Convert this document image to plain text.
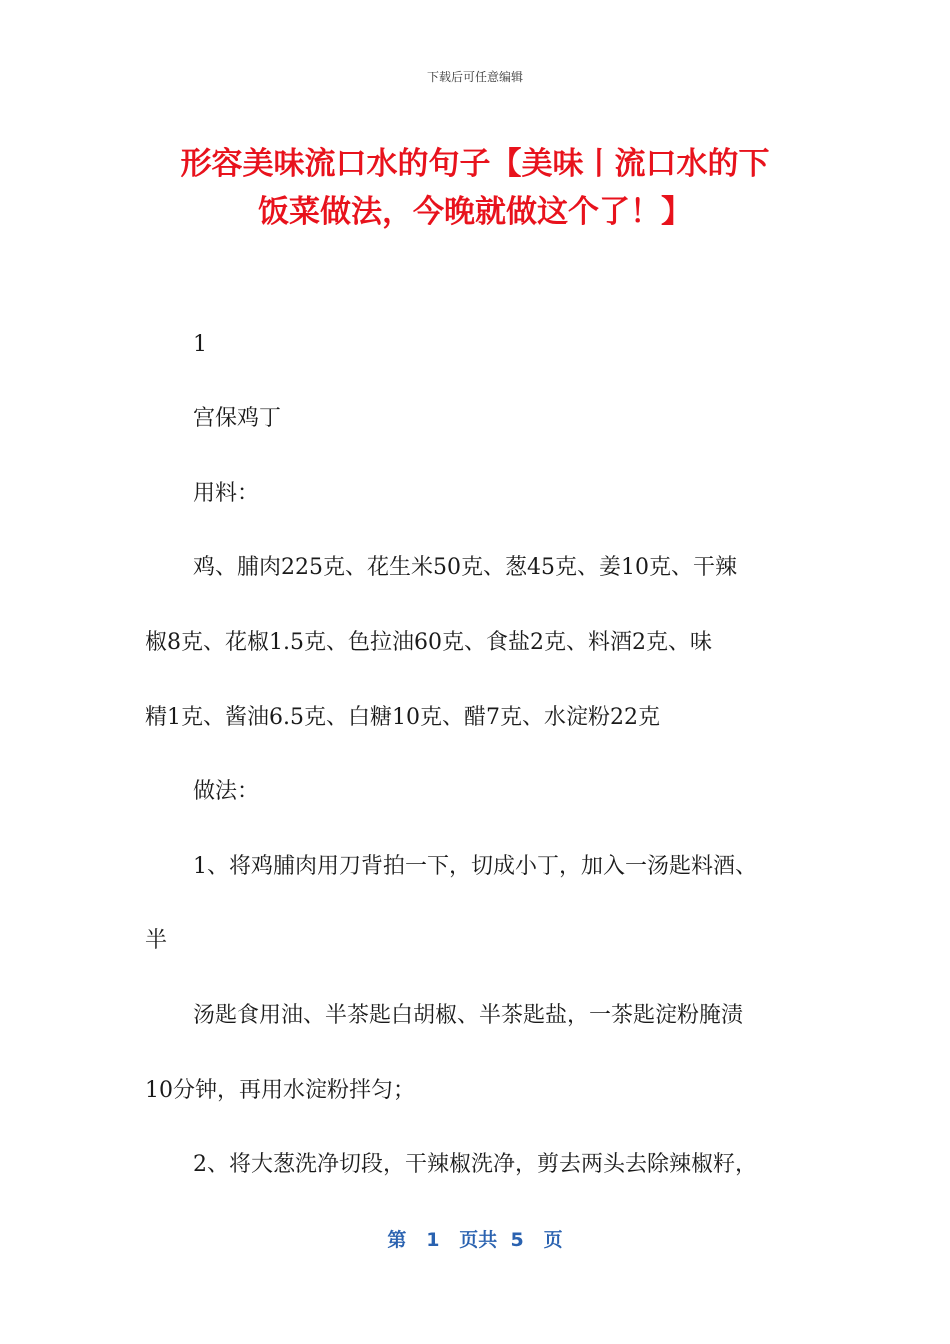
下载后可任意编辑
形容美味流口水的句子【美味丨流口水的下
饭菜做法，今晚就做这个了！】
1
宫保鸡丁
用料：
鸡、脯肉225克、花生米50克、葱45克、姜10克、干辣
椒8克、花椒1.5克、色拉油60克、食盐2克、料酒2克、味
精1克、酱油6.5克、白糖10克、醋7克、水淀粉22克
做法：
1、将鸡脯肉用刀背拍一下，切成小丁，加入一汤匙料酒、
半
汤匙食用油、半茶匙白胡椒、半茶匙盐，一茶匙淀粉腌渍
10分钟，再用水淀粉拌匀；
2、将大葱洗净切段，干辣椒洗净，剪去两头去除辣椒籽，
第 1 页共 5 页
